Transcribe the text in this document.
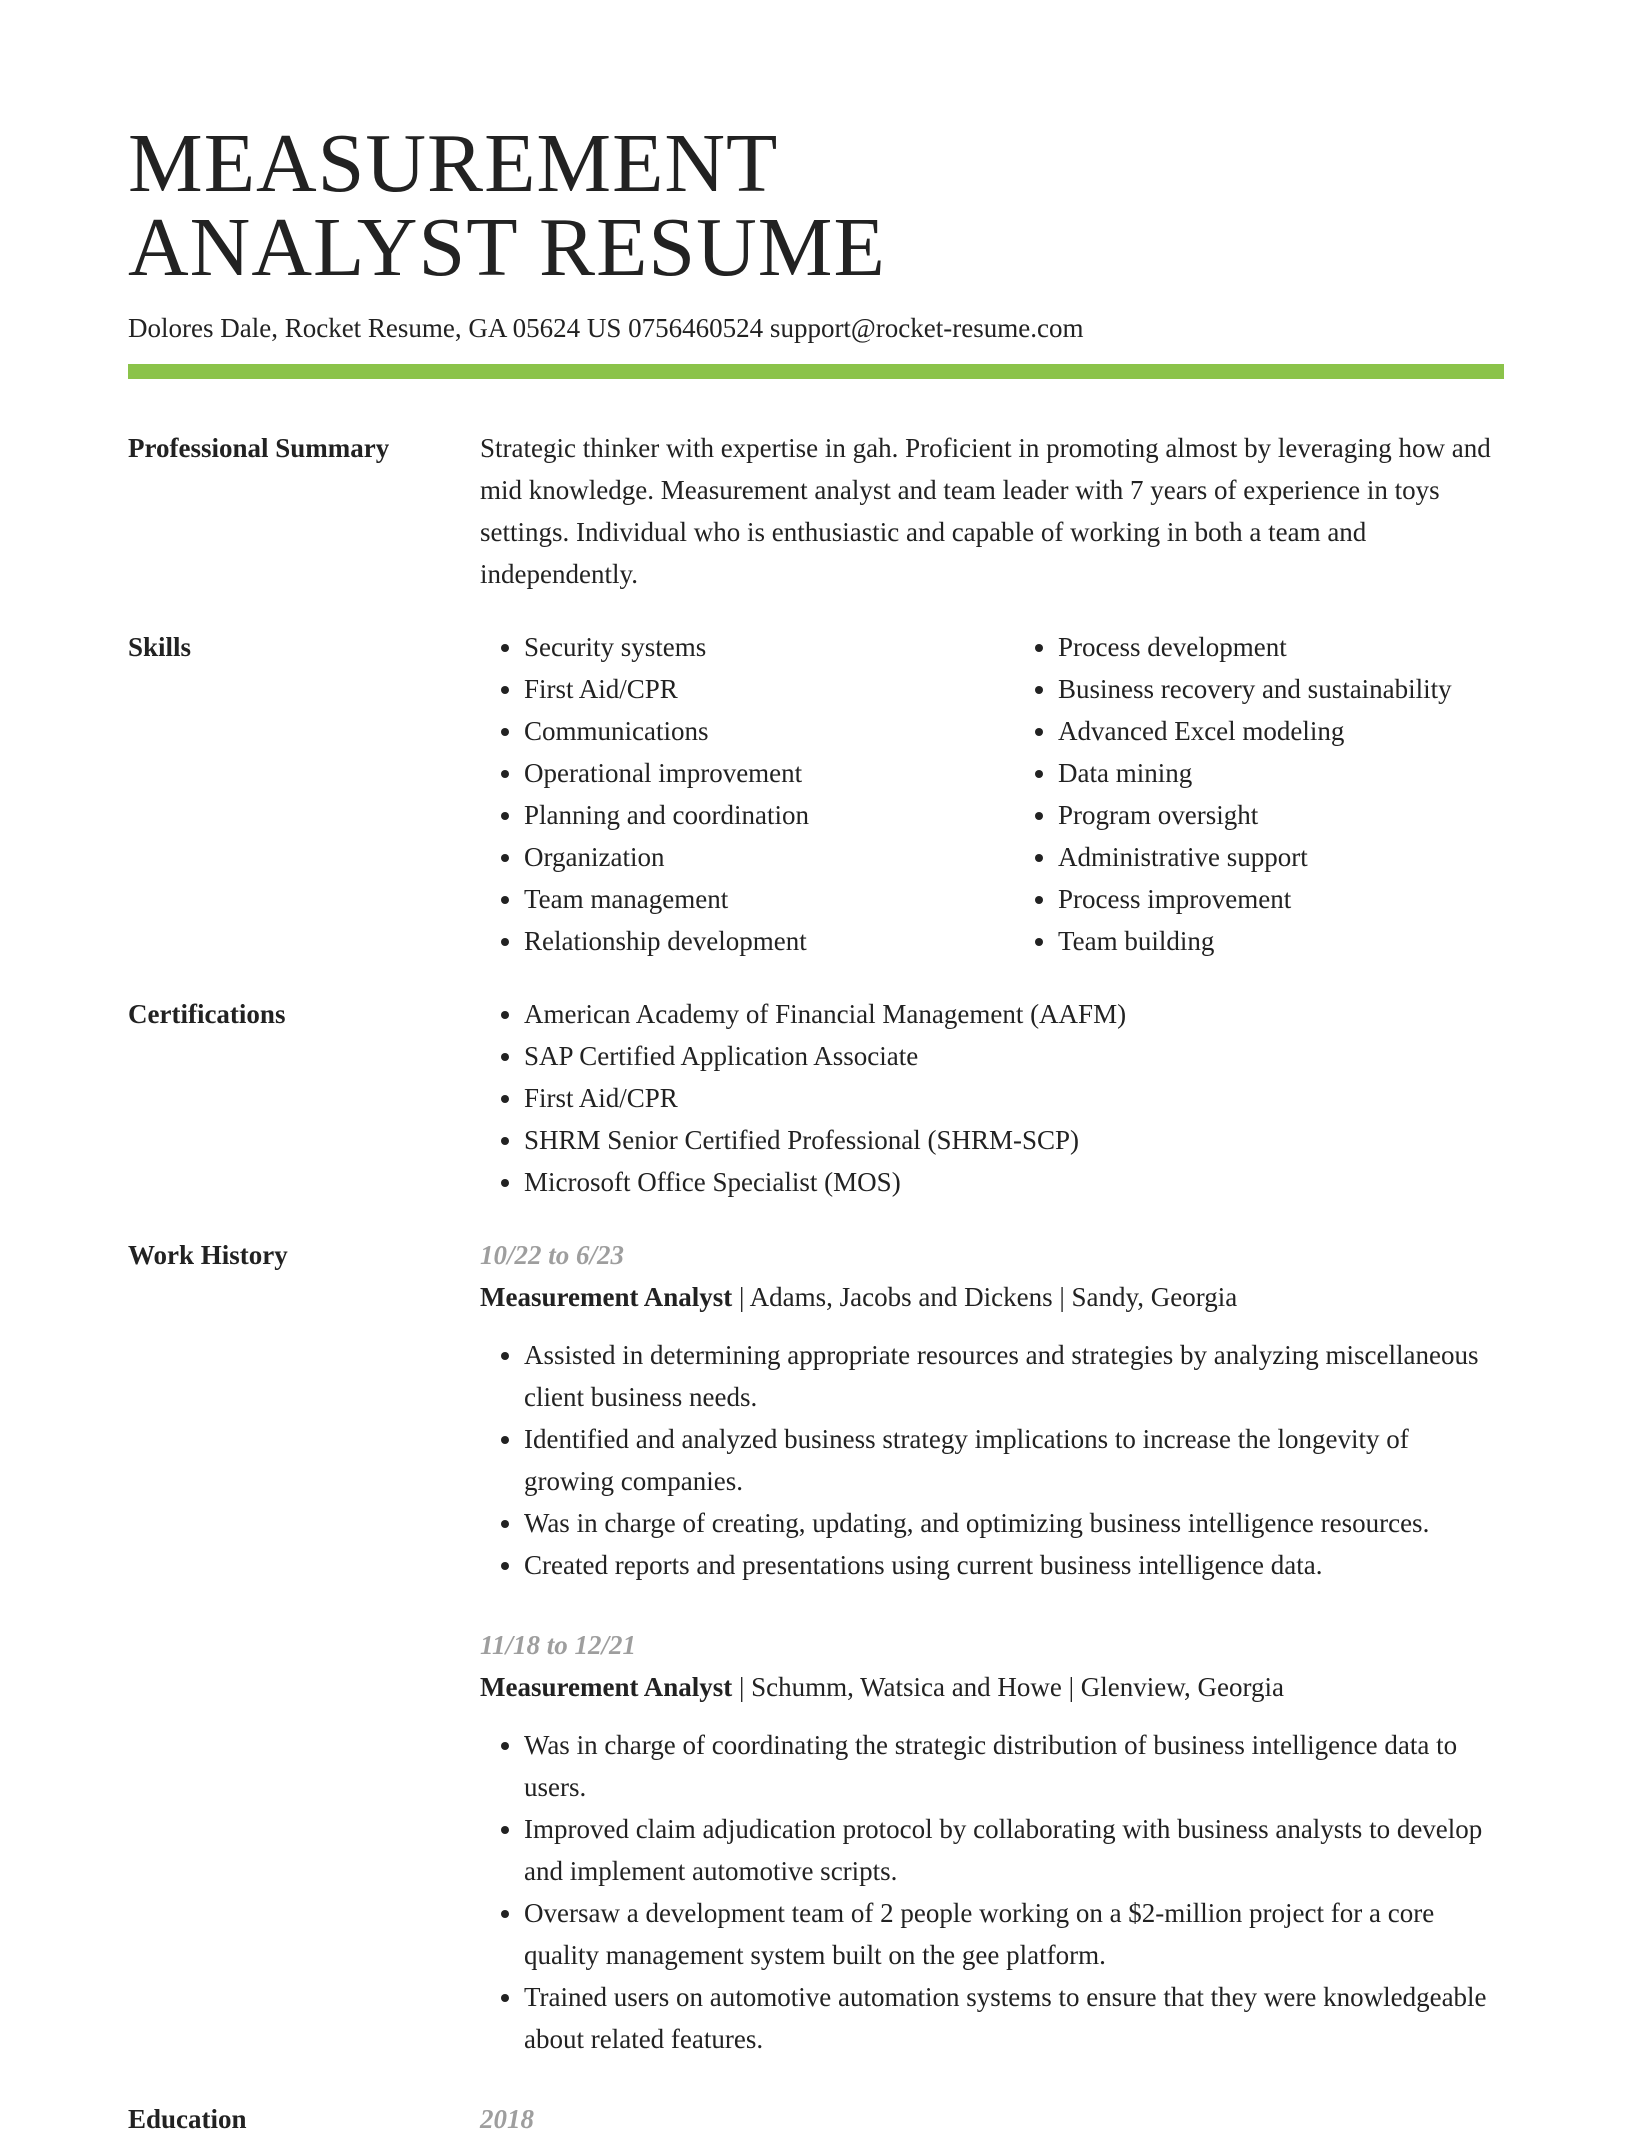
MEASUREMENT
ANALYST RESUME
Dolores Dale, Rocket Resume, GA 05624 US 0756460524 support@rocket-resume.com
Professional Summary	Strategic thinker with expertise in gah. Proficient in promoting almost by leveraging how and mid knowledge. Measurement analyst and team leader with 7 years of experience in toys settings. Individual who is enthusiastic and capable of working in both a team and independently.

Skills	• Security systems
• First Aid/CPR
• Communications
• Operational improvement
• Planning and coordination
• Organization
• Team management
• Relationship development
• Process development
• Business recovery and sustainability
• Advanced Excel modeling
• Data mining
• Program oversight
• Administrative support
• Process improvement
• Team building
Certifications	• American Academy of Financial Management (AAFM)
• SAP Certified Application Associate
• First Aid/CPR
• SHRM Senior Certified Professional (SHRM-SCP)
• Microsoft Office Specialist (MOS)
Work History	10/22 to 6/23
Measurement Analyst | Adams, Jacobs and Dickens | Sandy, Georgia
• Assisted in determining appropriate resources and strategies by analyzing miscellaneous client business needs.
• Identified and analyzed business strategy implications to increase the longevity of growing companies.
• Was in charge of creating, updating, and optimizing business intelligence resources.
• Created reports and presentations using current business intelligence data.
11/18 to 12/21
Measurement Analyst | Schumm, Watsica and Howe | Glenview, Georgia
• Was in charge of coordinating the strategic distribution of business intelligence data to users.
• Improved claim adjudication protocol by collaborating with business analysts to develop and implement automotive scripts.
• Oversaw a development team of 2 people working on a $2-million project for a core quality management system built on the gee platform.
• Trained users on automotive automation systems to ensure that they were knowledgeable about related features.
Education	2018
